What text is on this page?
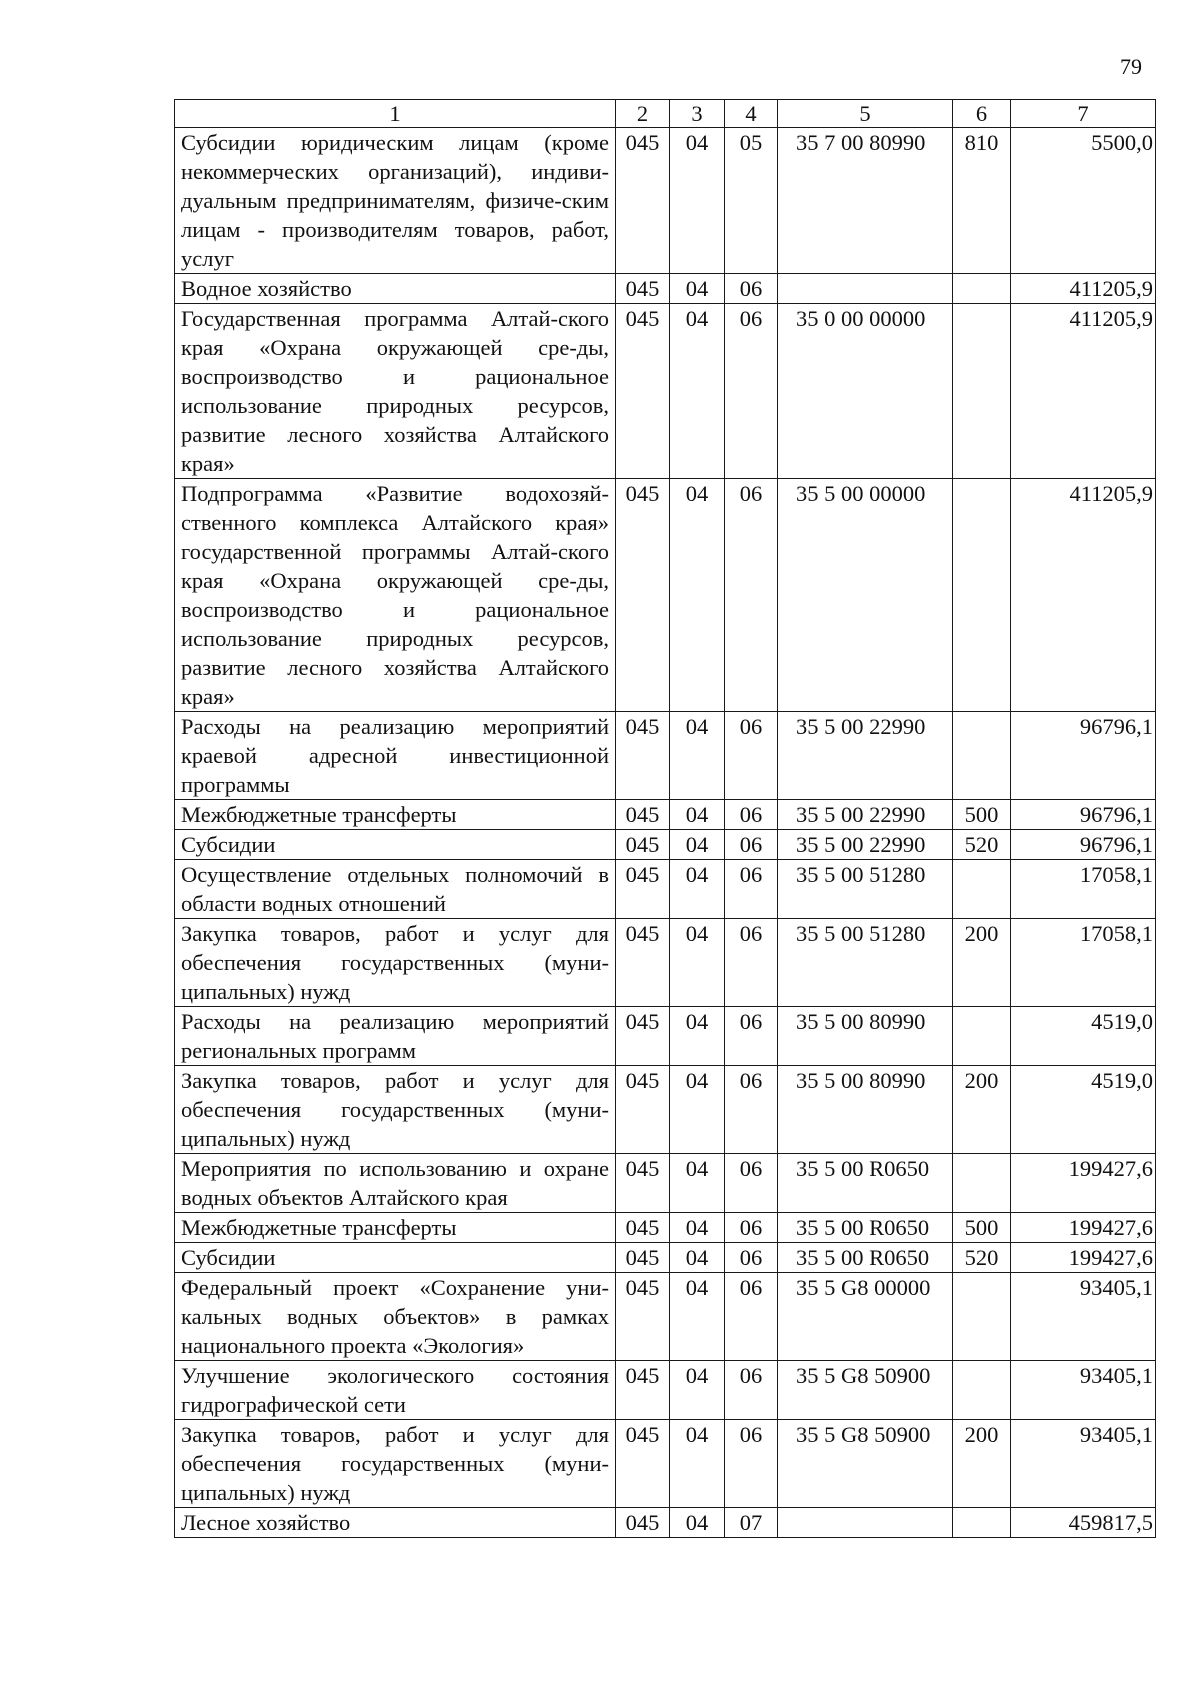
79
1	2	3	4	5	6	7
Субсидии юридическим лицам (кроме некоммерческих организаций), индиви-дуальным предпринимателям, физиче-ским лицам - производителям товаров, работ, услуг	045	04	05	35 7 00 80990	810	5500,0
Водное хозяйство	045	04	06			411205,9
Государственная программа Алтай-ского края «Охрана окружающей сре-ды, воспроизводство и рациональное использование природных ресурсов, развитие лесного хозяйства Алтайского края»	045	04	06	35 0 00 00000		411205,9
Подпрограмма «Развитие водохозяй-ственного комплекса Алтайского края» государственной программы Алтай-ского края «Охрана окружающей сре-ды, воспроизводство и рациональное использование природных ресурсов, развитие лесного хозяйства Алтайского края»	045	04	06	35 5 00 00000		411205,9
Расходы на реализацию мероприятий краевой адресной инвестиционной программы	045	04	06	35 5 00 22990		96796,1
Межбюджетные трансферты	045	04	06	35 5 00 22990	500	96796,1
Субсидии	045	04	06	35 5 00 22990	520	96796,1
Осуществление отдельных полномочий в области водных отношений	045	04	06	35 5 00 51280		17058,1
Закупка товаров, работ и услуг для обеспечения государственных (муни-ципальных) нужд	045	04	06	35 5 00 51280	200	17058,1
Расходы на реализацию мероприятий региональных программ	045	04	06	35 5 00 80990		4519,0
Закупка товаров, работ и услуг для обеспечения государственных (муни-ципальных) нужд	045	04	06	35 5 00 80990	200	4519,0
Мероприятия по использованию и охране водных объектов Алтайского края	045	04	06	35 5 00 R0650		199427,6
Межбюджетные трансферты	045	04	06	35 5 00 R0650	500	199427,6
Субсидии	045	04	06	35 5 00 R0650	520	199427,6
Федеральный проект «Сохранение уни-кальных водных объектов» в рамках национального проекта «Экология»	045	04	06	35 5 G8 00000		93405,1
Улучшение экологического состояния гидрографической сети	045	04	06	35 5 G8 50900		93405,1
Закупка товаров, работ и услуг для обеспечения государственных (муни-ципальных) нужд	045	04	06	35 5 G8 50900	200	93405,1
Лесное хозяйство	045	04	07			459817,5
